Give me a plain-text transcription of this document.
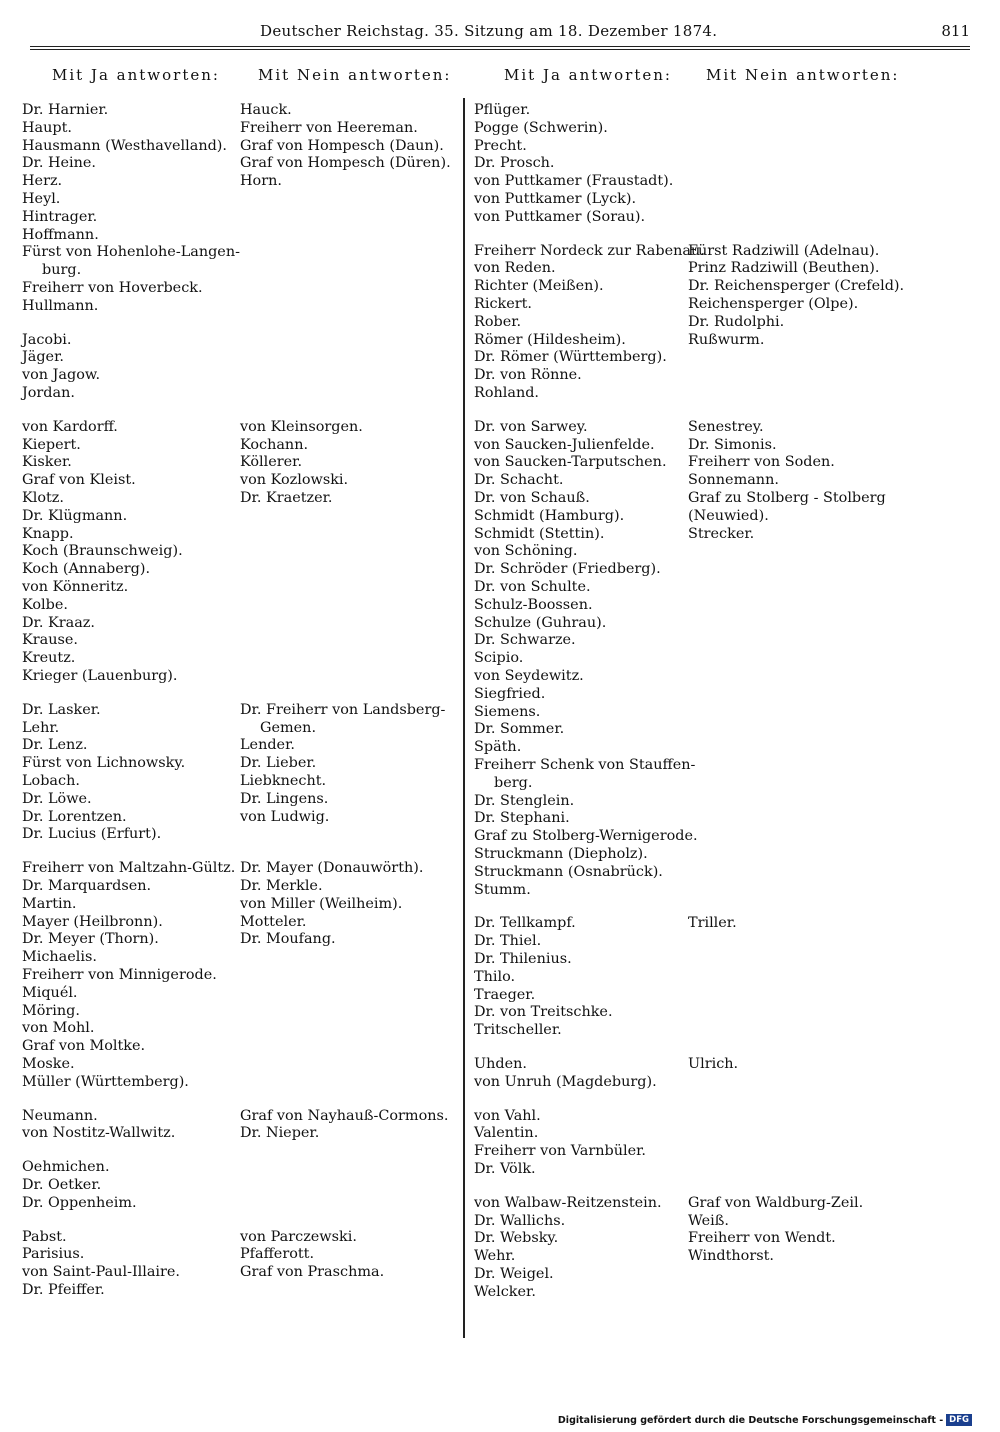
Deutscher Reichstag. 35. Sitzung am 18. Dezember 1874.	811
Mit Ja antworten:	Mit Nein antworten:
Dr. Harnier.
Haupt.
Hausmann (Westhavelland).
Dr. Heine.
Herz.
Heyl.
Hintrager.
Hoffmann.
Fürst von Hohenlohe-Langen-
burg.
Freiherr von Hoverbeck.
Hullmann.
Hauck.
Freiherr von Heereman.
Graf von Hompesch (Daun).
Graf von Hompesch (Düren).
Horn.
Jacobi.
Jäger.
von Jagow.
Jordan.
von Kardorff.
Kiepert.
Kisker.
Graf von Kleist.
Klotz.
Dr. Klügmann.
Knapp.
Koch (Braunschweig).
Koch (Annaberg).
von Könneritz.
Kolbe.
Dr. Kraaz.
Krause.
Kreutz.
Krieger (Lauenburg).
von Kleinsorgen.
Kochann.
Köllerer.
von Kozlowski.
Dr. Kraetzer.
Dr. Lasker.
Lehr.
Dr. Lenz.
Fürst von Lichnowsky.
Lobach.
Dr. Löwe.
Dr. Lorentzen.
Dr. Lucius (Erfurt).
Dr. Freiherr von Landsberg-
Gemen.
Lender.
Dr. Lieber.
Liebknecht.
Dr. Lingens.
von Ludwig.
Freiherr von Maltzahn-Gültz.
Dr. Marquardsen.
Martin.
Mayer (Heilbronn).
Dr. Meyer (Thorn).
Michaelis.
Freiherr von Minnigerode.
Miquél.
Möring.
von Mohl.
Graf von Moltke.
Moske.
Müller (Württemberg).
Dr. Mayer (Donauwörth).
Dr. Merkle.
von Miller (Weilheim).
Motteler.
Dr. Moufang.
Neumann.
von Nostitz-Wallwitz.
Graf von Nayhauß-Cormons.
Dr. Nieper.
Oehmichen.
Dr. Oetker.
Dr. Oppenheim.
Pabst.
Parisius.
von Saint-Paul-Illaire.
Dr. Pfeiffer.
von Parczewski.
Pfafferott.
Graf von Praschma.
Mit Ja antworten: Mit Nein antworten:
Pflüger.
Pogge (Schwerin).
Precht.
Dr. Prosch.
von Puttkamer (Fraustadt).
von Puttkamer (Lyck).
von Puttkamer (Sorau).
Freiherr Nordeck zur Rabenau.
von Reden.
Richter (Meißen).
Rickert.
Rober.
Römer (Hildesheim).
Dr. Römer (Württemberg).
Dr. von Rönne.
Rohland.
Fürst Radziwill (Adelnau).
Prinz Radziwill (Beuthen).
Dr. Reichensperger (Crefeld).
Reichensperger (Olpe).
Dr. Rudolphi.
Rußwurm.
Dr. von Sarwey.
von Saucken-Julienfelde.
von Saucken-Tarputschen.
Dr. Schacht.
Dr. von Schauß.
Schmidt (Hamburg).
Schmidt (Stettin).
von Schöning.
Dr. Schröder (Friedberg).
Dr. von Schulte.
Schulz-Boossen.
Schulze (Guhrau).
Dr. Schwarze.
Scipio.
von Seydewitz.
Siegfried.
Siemens.
Dr. Sommer.
Späth.
Freiherr Schenk von Stauffen-
berg.
Dr. Stenglein.
Dr. Stephani.
Graf zu Stolberg-Wernigerode.
Struckmann (Diepholz).
Struckmann (Osnabrück).
Stumm.
Senestrey.
Dr. Simonis.
Freiherr von Soden.
Sonnemann.
Graf zu Stolberg - Stolberg
(Neuwied).
Strecker.
Dr. Tellkampf.
Dr. Thiel.
Dr. Thilenius.
Thilo.
Traeger.
Dr. von Treitschke.
Tritscheller.
Triller.
Uhden.
von Unruh (Magdeburg).
Ulrich.
von Vahl.
Valentin.
Freiherr von Varnbüler.
Dr. Völk.
von Walbaw-Reitzenstein.
Dr. Wallichs.
Dr. Websky.
Wehr.
Dr. Weigel.
Welcker.
Graf von Waldburg-Zeil.
Weiß.
Freiherr von Wendt.
Windthorst.
Digitalisierung gefördert durch die Deutsche Forschungsgemeinschaft - DFG
